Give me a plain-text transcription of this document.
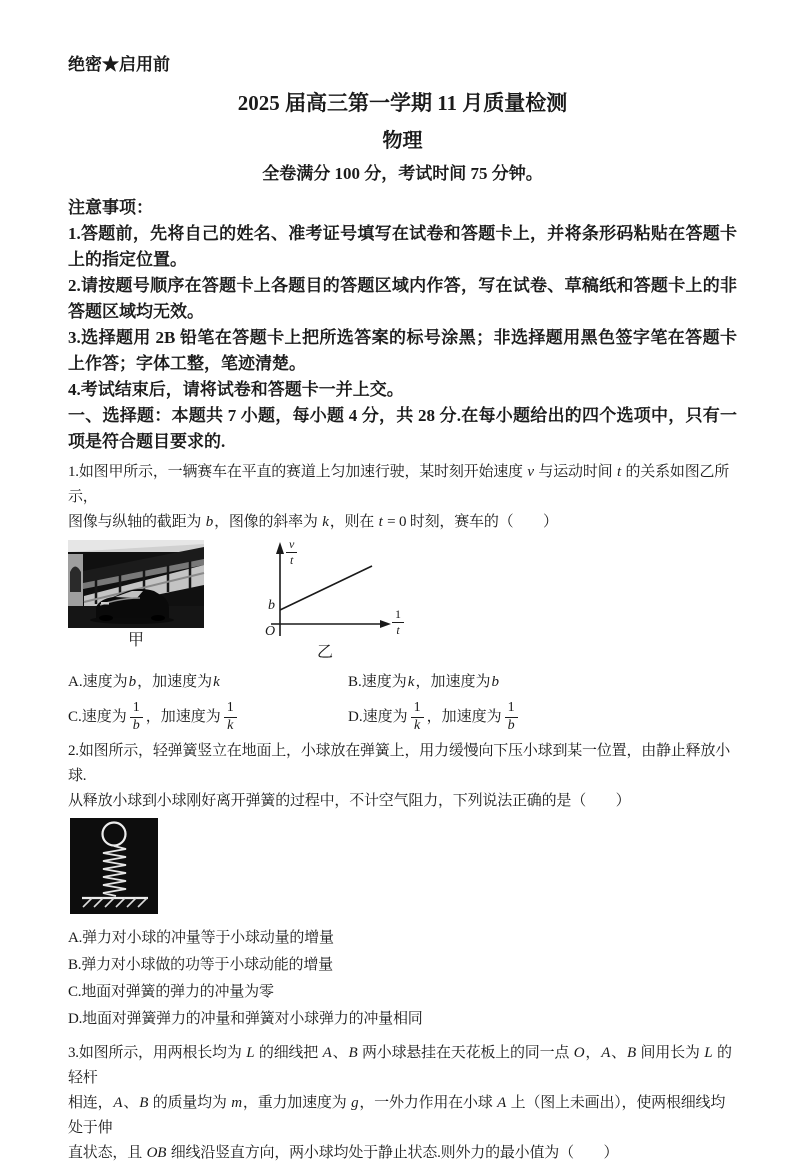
绝密★启用前
2025 届高三第一学期 11 月质量检测
物理
全卷满分 100 分，考试时间 75 分钟。
注意事项：
1.答题前，先将自己的姓名、准考证号填写在试卷和答题卡上，并将条形码粘贴在答题卡上的指定位置。
2.请按题号顺序在答题卡上各题目的答题区域内作答，写在试卷、草稿纸和答题卡上的非答题区域均无效。
3.选择题用 2B 铅笔在答题卡上把所选答案的标号涂黑；非选择题用黑色签字笔在答题卡上作答；字体工整，笔迹清楚。
4.考试结束后，请将试卷和答题卡一并上交。
一、选择题：本题共 7 小题，每小题 4 分，共 28 分.在每小题给出的四个选项中，只有一项是符合题目要求的.
1.如图甲所示，一辆赛车在平直的赛道上匀加速行驶，某时刻开始速度 v 与运动时间 t 的关系如图乙所示，
图像与纵轴的截距为 b，图像的斜率为 k，则在 t = 0 时刻，赛车的（　　）
甲
$\frac{v}{t}$
$\frac{1}{t}$
b
O
乙
A.速度为 b ，加速度为 k	B.速度为 k ，加速度为 b
C.速度为 $\frac{1}{b}$ ，加速度为 $\frac{1}{k}$	D.速度为 $\frac{1}{k}$ ，加速度为 $\frac{1}{b}$
2.如图所示，轻弹簧竖立在地面上，小球放在弹簧上，用力缓慢向下压小球到某一位置，由静止释放小球.
从释放小球到小球刚好离开弹簧的过程中，不计空气阻力，下列说法正确的是（　　）
A.弹力对小球的冲量等于小球动量的增量
B.弹力对小球做的功等于小球动能的增量
C.地面对弹簧的弹力的冲量为零
D.地面对弹簧弹力的冲量和弹簧对小球弹力的冲量相同
3.如图所示，用两根长均为 L 的细线把 A、B 两小球悬挂在天花板上的同一点 O，A、B 间用长为 L 的轻杆
相连，A、B 的质量均为 m，重力加速度为 g，一外力作用在小球 A 上（图上未画出），使两根细线均处于伸
直状态，且 OB 细线沿竖直方向，两小球均处于静止状态.则外力的最小值为（　　）
